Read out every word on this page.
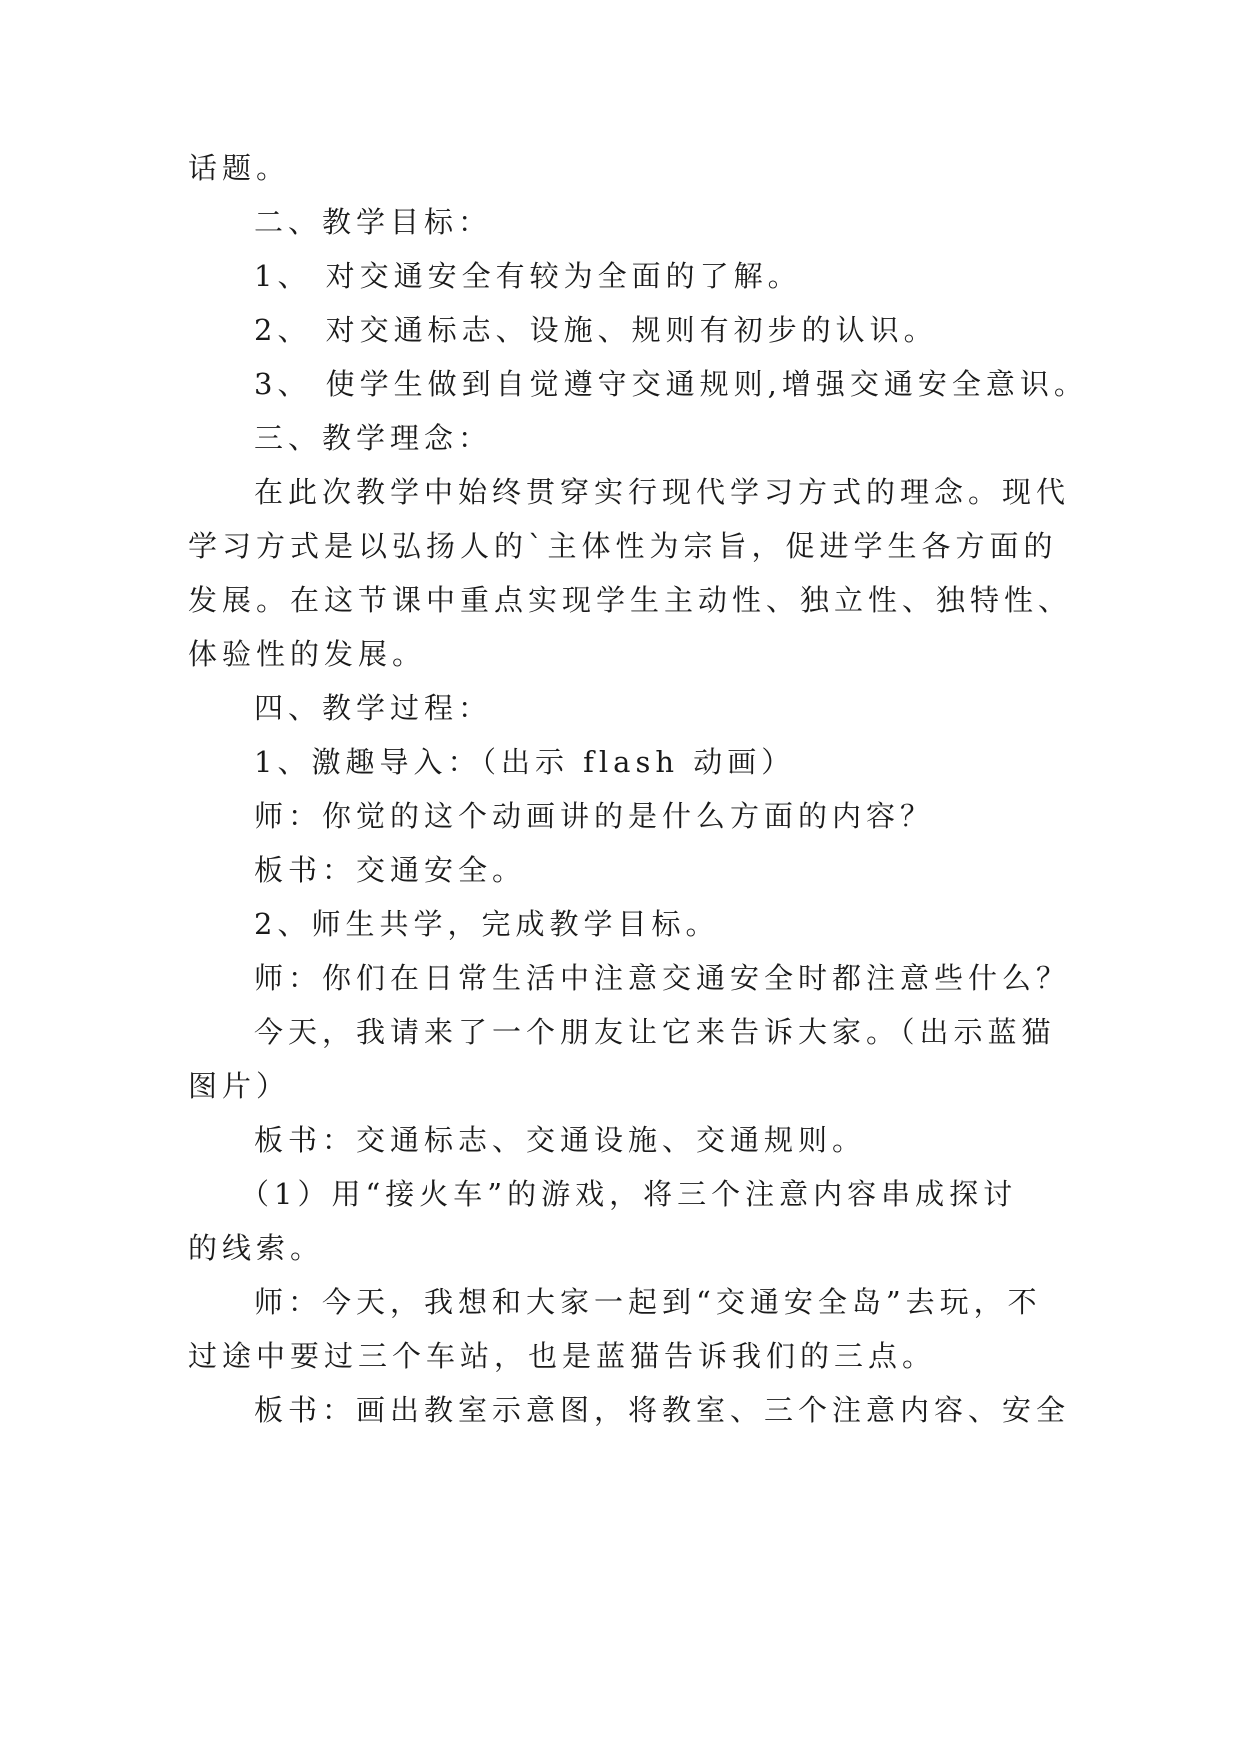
话题。
二、教学目标：
1、 对交通安全有较为全面的了解。
2、 对交通标志、设施、规则有初步的认识。
3、 使学生做到自觉遵守交通规则,增强交通安全意识。
三、教学理念：
在此次教学中始终贯穿实行现代学习方式的理念。现代
学习方式是以弘扬人的`主体性为宗旨，促进学生各方面的
发展。在这节课中重点实现学生主动性、独立性、独特性、
体验性的发展。
四、教学过程：
1、激趣导入：（出示 flash 动画）
师：你觉的这个动画讲的是什么方面的内容？
板书：交通安全。
2、师生共学，完成教学目标。
师：你们在日常生活中注意交通安全时都注意些什么？
今天，我请来了一个朋友让它来告诉大家。（出示蓝猫
图片）
板书：交通标志、交通设施、交通规则。
（1）用“接火车”的游戏，将三个注意内容串成探讨
的线索。
师：今天，我想和大家一起到“交通安全岛”去玩，不
过途中要过三个车站，也是蓝猫告诉我们的三点。
板书：画出教室示意图，将教室、三个注意内容、安全
